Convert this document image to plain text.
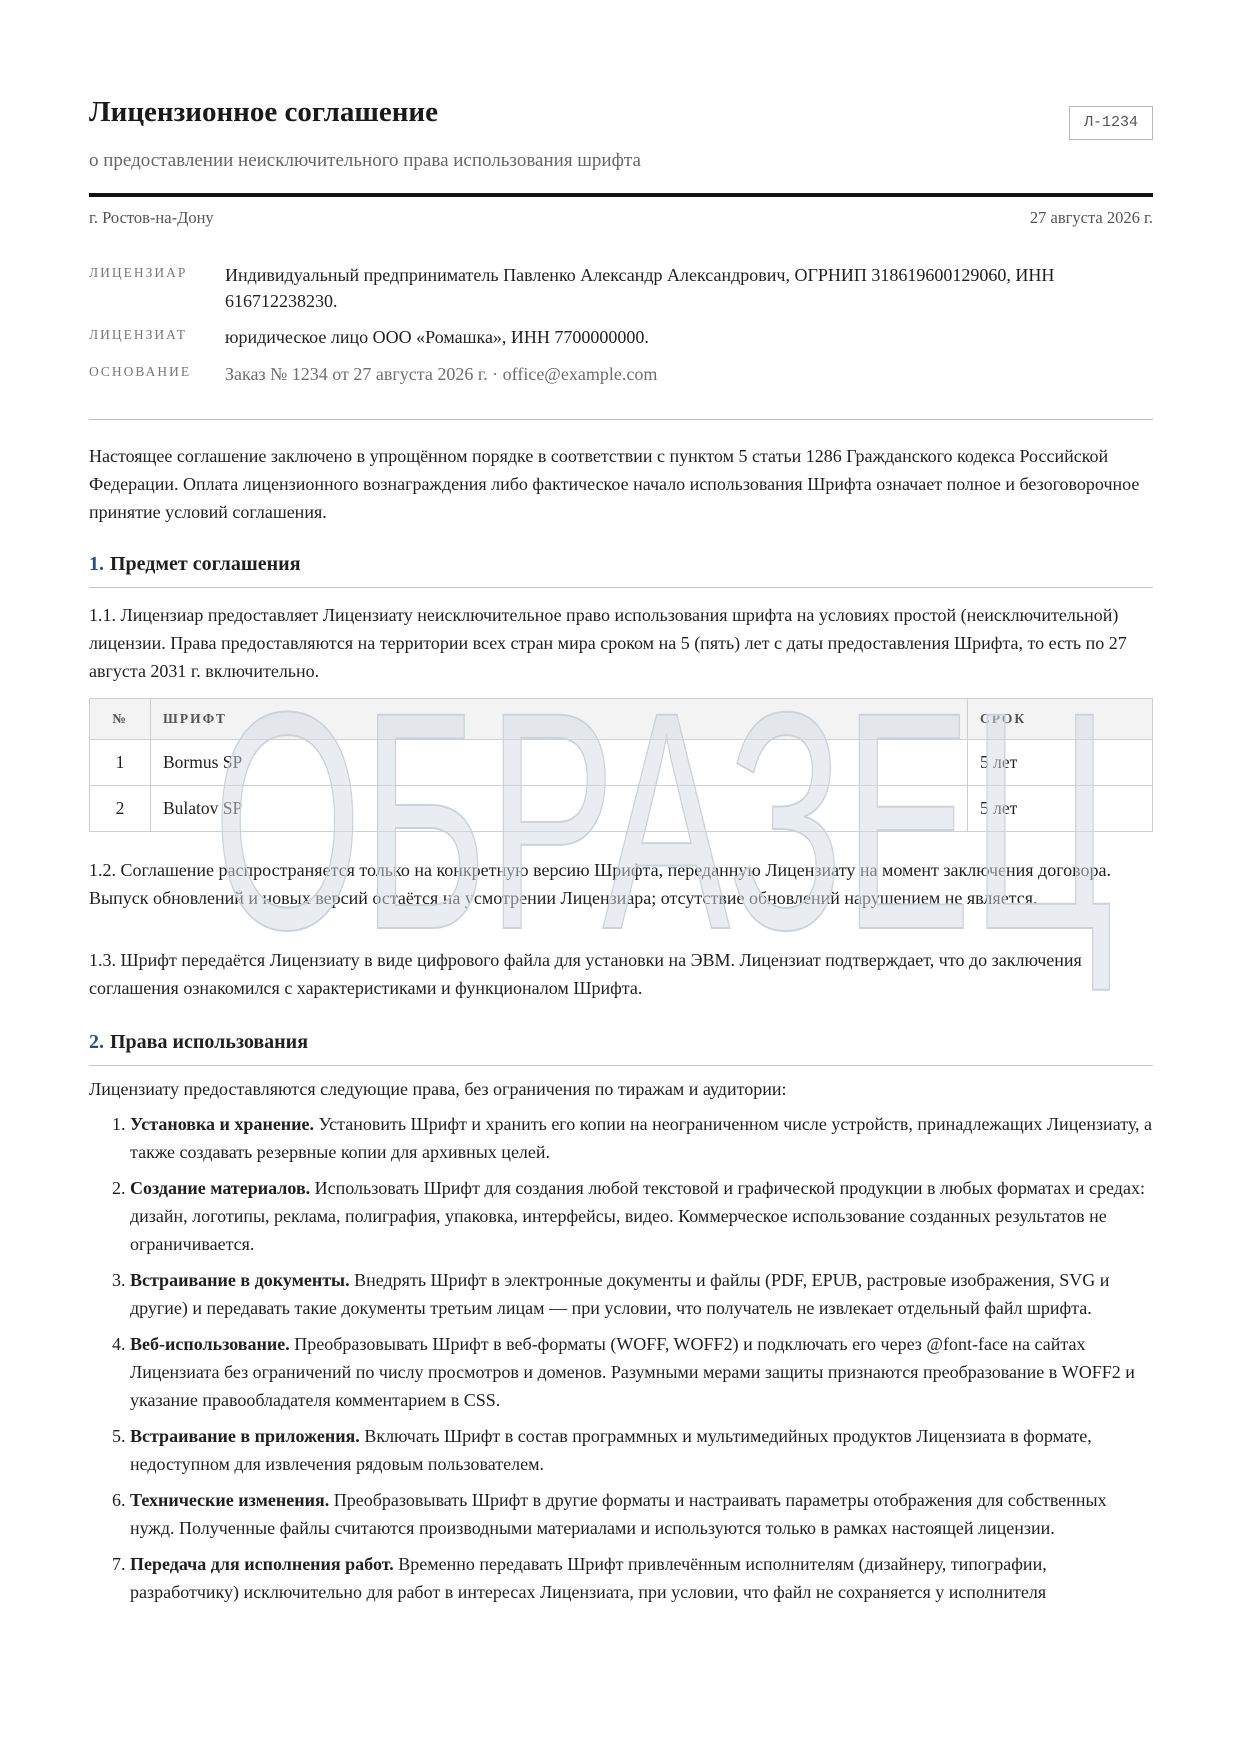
Лицензионное соглашение	Л-1234
о предоставлении неисключительного права использования шрифта
г. Ростов-на-Дону	27 августа 2026 г.
ЛИЦЕНЗИАР Индивидуальный предприниматель Павленко Александр Александрович, ОГРНИП 318619600129060, ИНН 616712238230.
ЛИЦЕНЗИАТ юридическое лицо ООО «Ромашка», ИНН 7700000000.
ОСНОВАНИЕ Заказ № 1234 от 27 августа 2026 г. · office@example.com

Настоящее соглашение заключено в упрощённом порядке в соответствии с пунктом 5 статьи 1286 Гражданского кодекса Российской Федерации. Оплата лицензионного вознаграждения либо фактическое начало использования Шрифта означает полное и безоговорочное принятие условий соглашения.

1. Предмет соглашения

1.1. Лицензиар предоставляет Лицензиату неисключительное право использования шрифта на условиях простой (неисключительной) лицензии. Права предоставляются на территории всех стран мира сроком на 5 (пять) лет с даты предоставления Шрифта, то есть по 27 августа 2031 г. включительно.

№	ШРИФТ	СРОК
1	Bormus SP	5 лет
2	Bulatov SP	5 лет

1.2. Соглашение распространяется только на конкретную версию Шрифта, переданную Лицензиату на момент заключения договора. Выпуск обновлений и новых версий остаётся на усмотрении Лицензиара; отсутствие обновлений нарушением не является.

1.3. Шрифт передаётся Лицензиату в виде цифрового файла для установки на ЭВМ. Лицензиат подтверждает, что до заключения соглашения ознакомился с характеристиками и функционалом Шрифта.

2. Права использования

Лицензиату предоставляются следующие права, без ограничения по тиражам и аудитории:

1. Установка и хранение. Установить Шрифт и хранить его копии на неограниченном числе устройств, принадлежащих Лицензиату, а также создавать резервные копии для архивных целей.
2. Создание материалов. Использовать Шрифт для создания любой текстовой и графической продукции в любых форматах и средах: дизайн, логотипы, реклама, полиграфия, упаковка, интерфейсы, видео. Коммерческое использование созданных результатов не ограничивается.
3. Встраивание в документы. Внедрять Шрифт в электронные документы и файлы (PDF, EPUB, растровые изображения, SVG и другие) и передавать такие документы третьим лицам — при условии, что получатель не извлекает отдельный файл шрифта.
4. Веб-использование. Преобразовывать Шрифт в веб-форматы (WOFF, WOFF2) и подключать его через @font-face на сайтах Лицензиата без ограничений по числу просмотров и доменов. Разумными мерами защиты признаются преобразование в WOFF2 и указание правообладателя комментарием в CSS.
5. Встраивание в приложения. Включать Шрифт в состав программных и мультимедийных продуктов Лицензиата в формате, недоступном для извлечения рядовым пользователем.
6. Технические изменения. Преобразовывать Шрифт в другие форматы и настраивать параметры отображения для собственных нужд. Полученные файлы считаются производными материалами и используются только в рамках настоящей лицензии.
7. Передача для исполнения работ. Временно передавать Шрифт привлечённым исполнителям (дизайнеру, типографии, разработчику) исключительно для работ в интересах Лицензиата, при условии, что файл не сохраняется у исполнителя
ОБРАЗЕЦ
